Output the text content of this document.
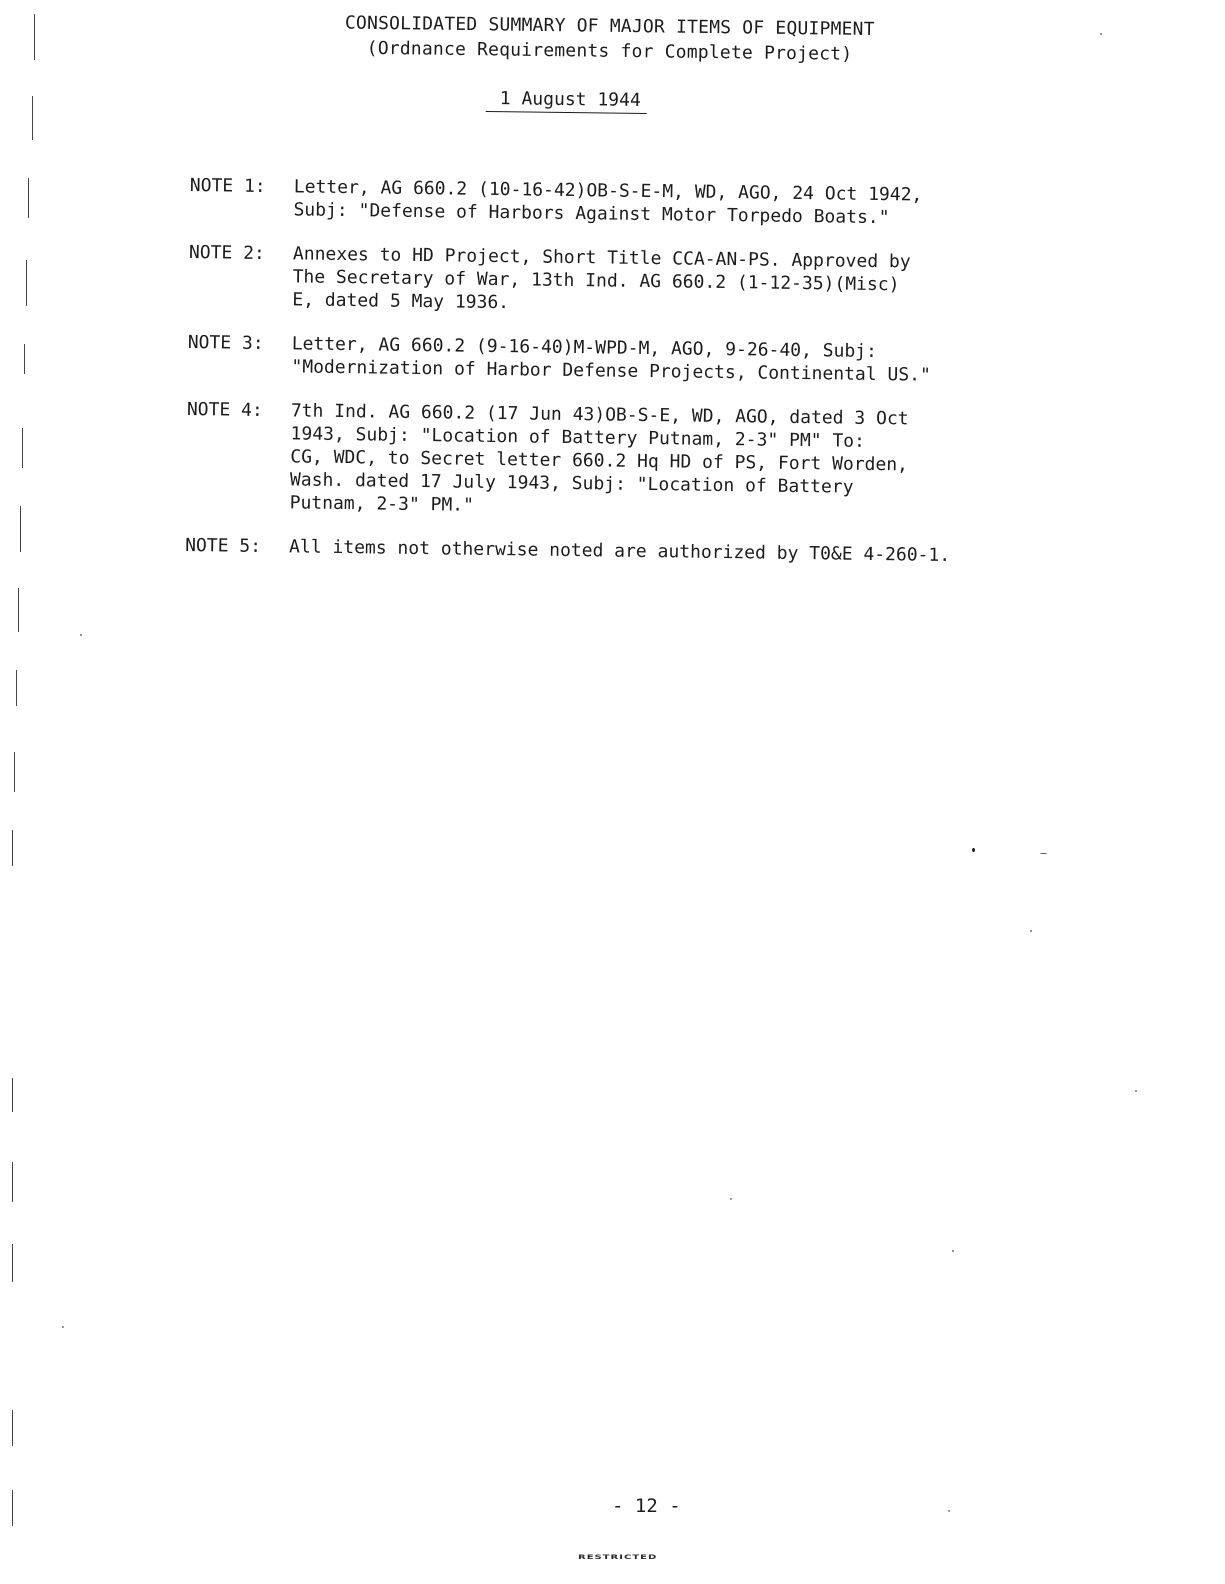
CONSOLIDATED SUMMARY OF MAJOR ITEMS OF EQUIPMENT
(Ordnance Requirements for Complete Project)
1 August 1944
NOTE 1:	Letter, AG 660.2 (10-16-42)OB-S-E-M, WD, AGO, 24 Oct 1942,
Subj: "Defense of Harbors Against Motor Torpedo Boats."
NOTE 2:	Annexes to HD Project, Short Title CCA-AN-PS. Approved by
The Secretary of War, 13th Ind. AG 660.2 (1-12-35)(Misc)
E, dated 5 May 1936.
NOTE 3:	Letter, AG 660.2 (9-16-40)M-WPD-M, AGO, 9-26-40, Subj:
"Modernization of Harbor Defense Projects, Continental US."
NOTE 4:	7th Ind. AG 660.2 (17 Jun 43)OB-S-E, WD, AGO, dated 3 Oct
1943, Subj: "Location of Battery Putnam, 2-3" PM" To:
CG, WDC, to Secret letter 660.2 Hq HD of PS, Fort Worden,
Wash. dated 17 July 1943, Subj: "Location of Battery
Putnam, 2-3" PM."
NOTE 5:	All items not otherwise noted are authorized by T0&E 4-260-1.
- 12 -
RESTRICTED
